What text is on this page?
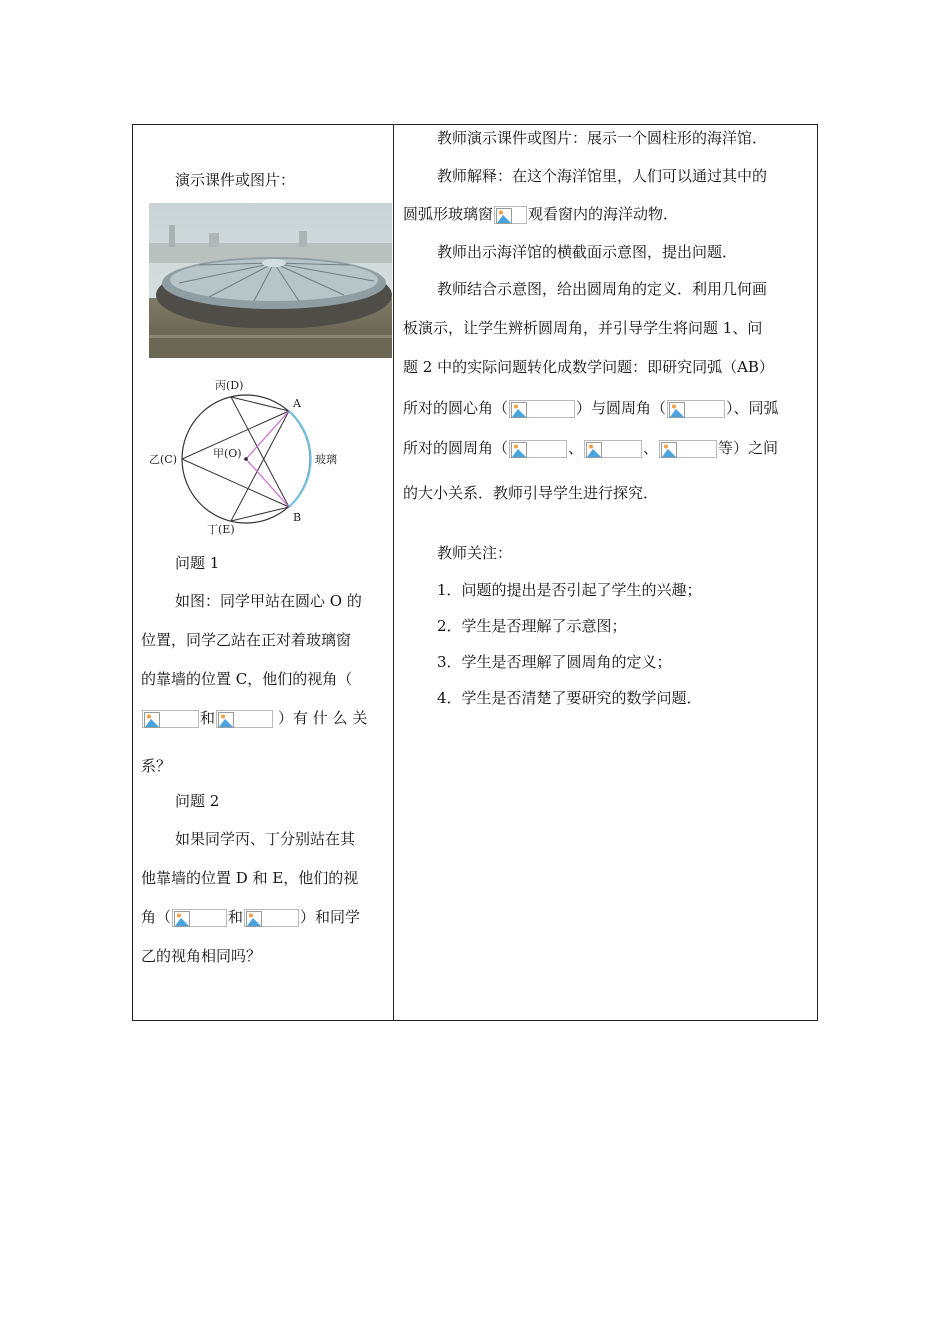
演示课件或图片：

丙(D)
A
乙(C)	甲(O)	玻璃
丁(E)
B

问题 1

如图：同学甲站在圆心 O 的

位置，同学乙站在正对着玻璃窗

的靠墙的位置 C，他们的视角（

和	）有 什 么 关

系？

问题 2

如果同学丙、丁分别站在其

他靠墙的位置 D 和 E，他们的视

角（	和	）和同学

乙的视角相同吗？

教师演示课件或图片：展示一个圆柱形的海洋馆．

教师解释：在这个海洋馆里，人们可以通过其中的

圆弧形玻璃窗 观看窗内的海洋动物．

教师出示海洋馆的横截面示意图，提出问题．

教师结合示意图，给出圆周角的定义．利用几何画

板演示，让学生辨析圆周角，并引导学生将问题 1、问

题 2 中的实际问题转化成数学问题：即研究同弧（AB）

所对的圆心角（	）与圆周角（	）、同弧

所对的圆周角（	、	、	等）之间

的大小关系．教师引导学生进行探究．

教师关注：

1．问题的提出是否引起了学生的兴趣；

2．学生是否理解了示意图；

3．学生是否理解了圆周角的定义；

4．学生是否清楚了要研究的数学问题．
